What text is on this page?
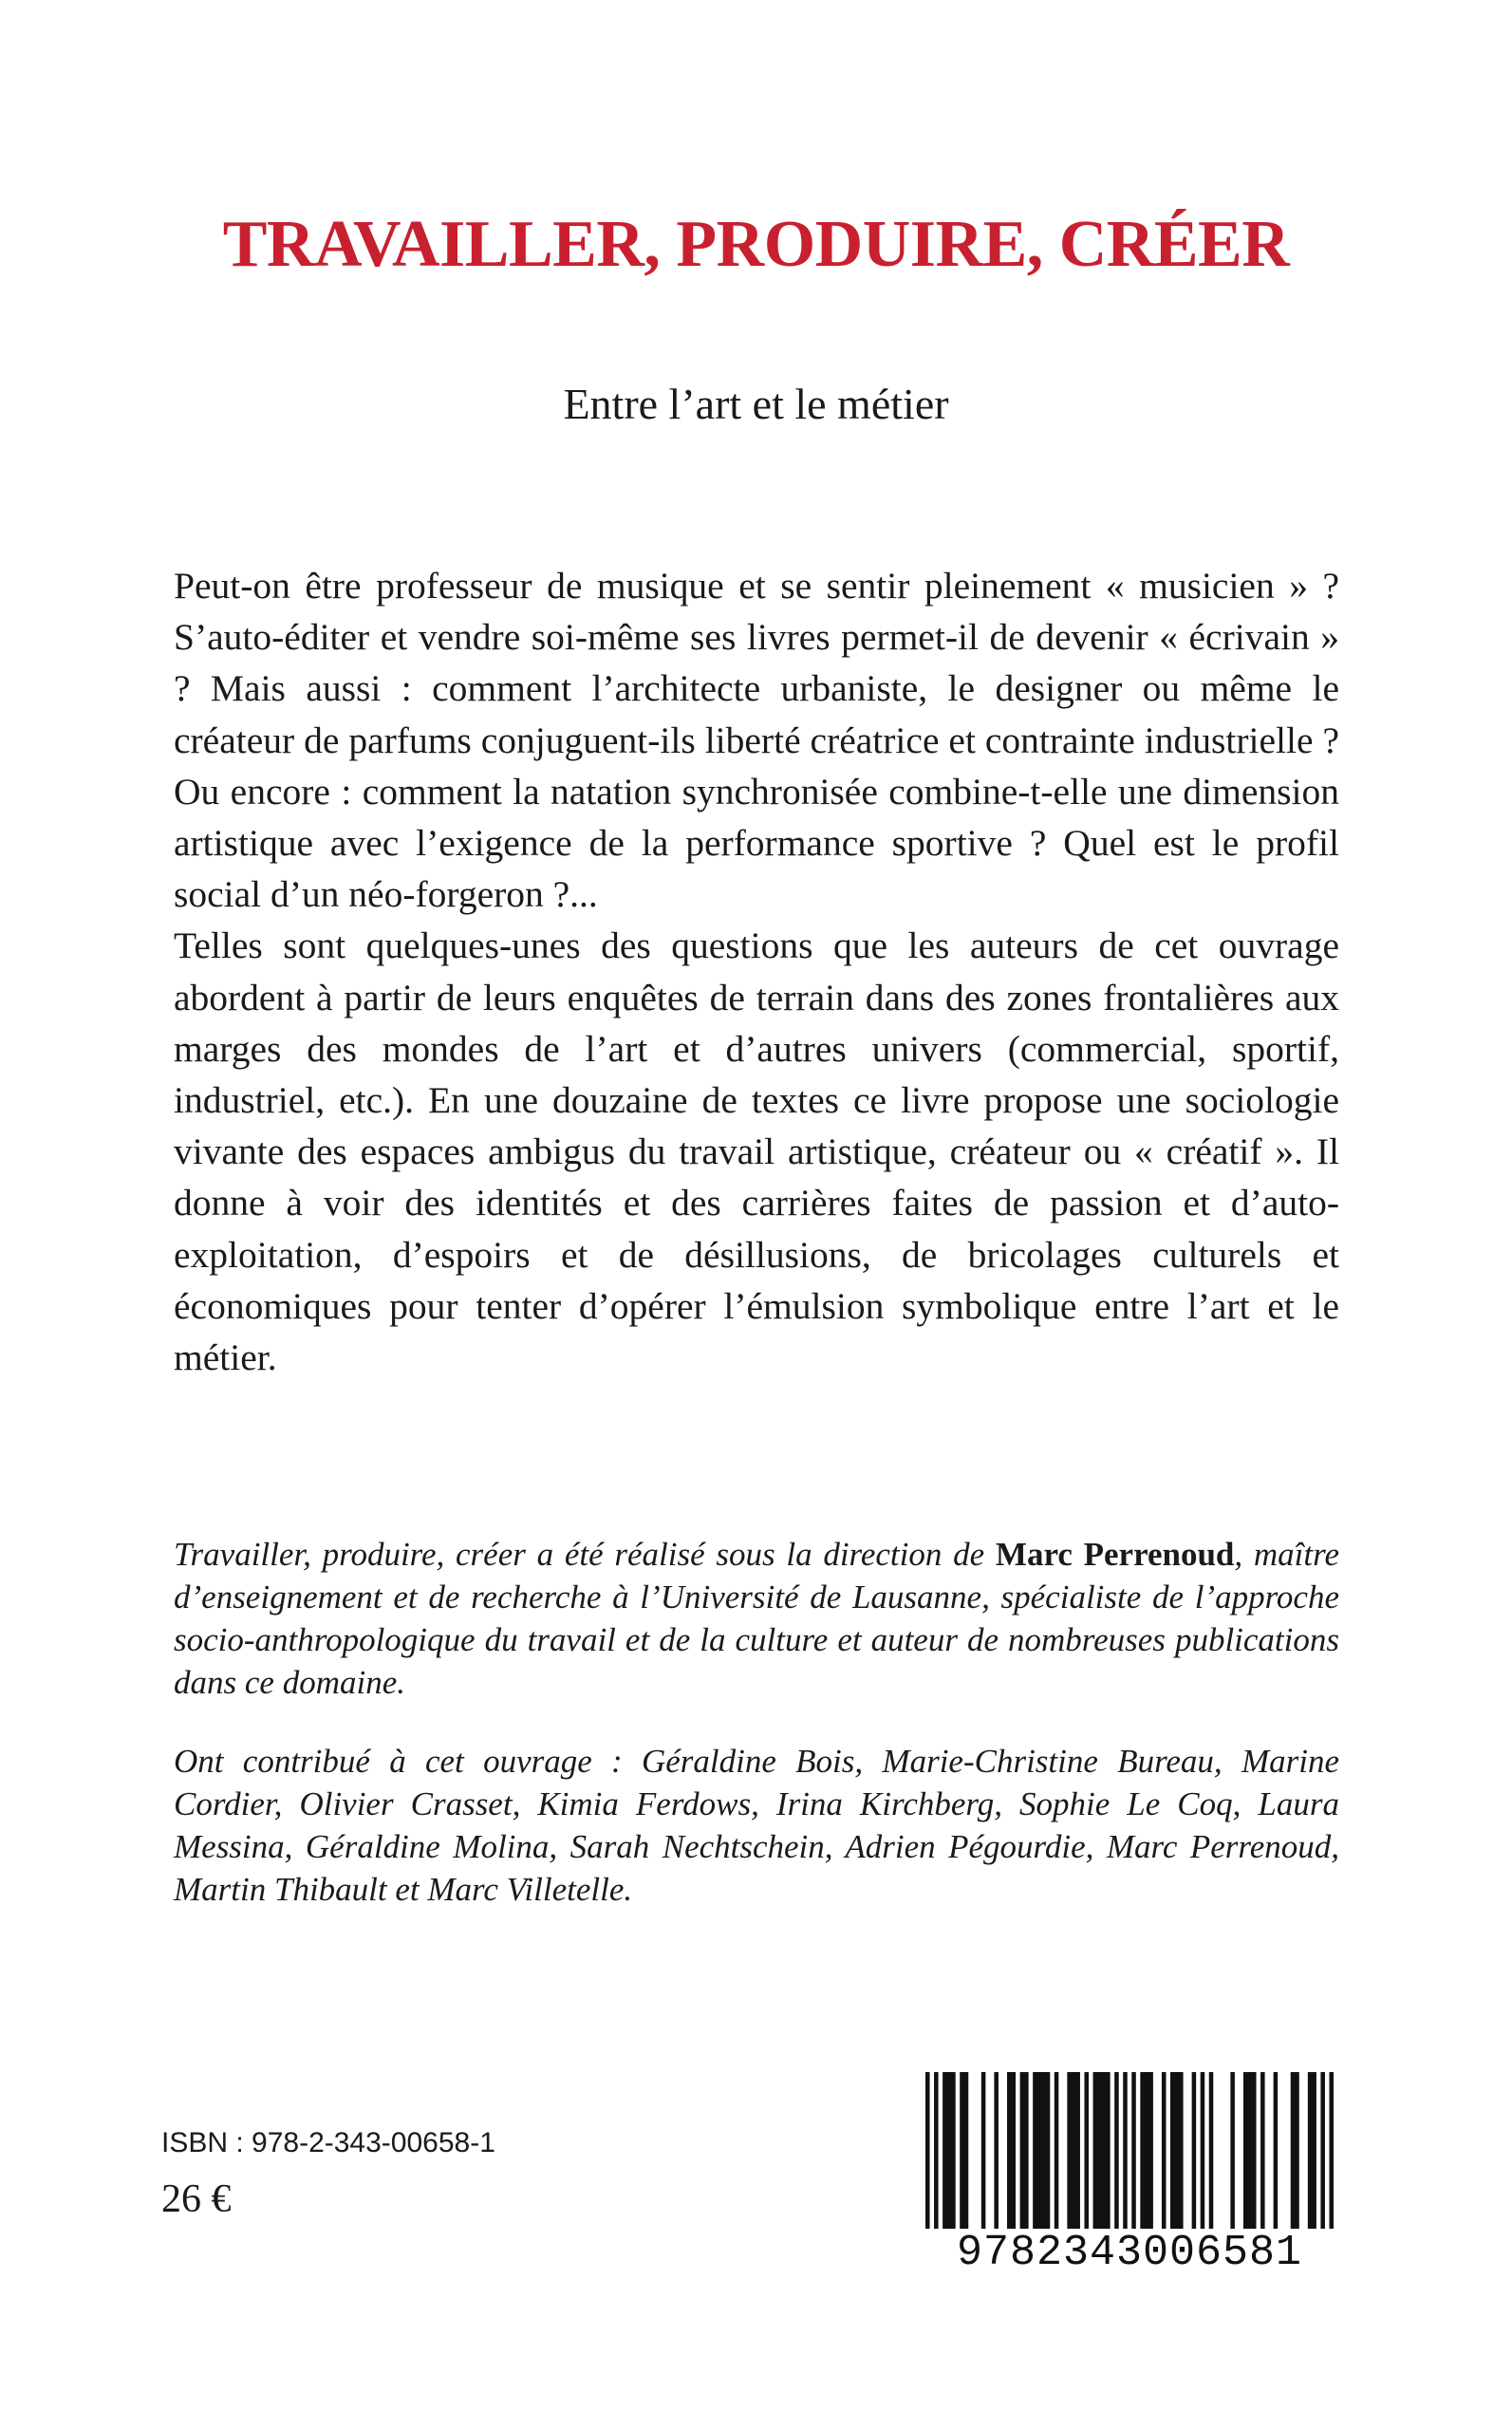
TRAVAILLER, PRODUIRE, CRÉER
Entre l’art et le métier

Peut-on être professeur de musique et se sentir pleinement « musicien » ? S’auto-éditer et vendre soi-même ses livres permet-il de devenir « écrivain » ? Mais aussi : comment l’architecte urbaniste, le designer ou même le créateur de parfums conjuguent-ils liberté créatrice et contrainte industrielle ? Ou encore : comment la natation synchronisée combine-t-elle une dimension artistique avec l’exigence de la performance sportive ? Quel est le profil social d’un néo-forgeron ?...

Telles sont quelques-unes des questions que les auteurs de cet ouvrage abordent à partir de leurs enquêtes de terrain dans des zones frontalières aux marges des mondes de l’art et d’autres univers (commercial, sportif, industriel, etc.). En une douzaine de textes ce livre propose une sociologie vivante des espaces ambigus du travail artistique, créateur ou « créatif ». Il donne à voir des identités et des carrières faites de passion et d’auto-exploitation, d’espoirs et de désillusions, de bricolages culturels et économiques pour tenter d’opérer l’émulsion symbolique entre l’art et le métier.

Travailler, produire, créer a été réalisé sous la direction de Marc Perrenoud, maître d’enseignement et de recherche à l’Université de Lausanne, spécialiste de l’approche socio-anthropologique du travail et de la culture et auteur de nombreuses publications dans ce domaine.

Ont contribué à cet ouvrage : Géraldine Bois, Marie-Christine Bureau, Marine Cordier, Olivier Crasset, Kimia Ferdows, Irina Kirchberg, Sophie Le Coq, Laura Messina, Géraldine Molina, Sarah Nechtschein, Adrien Pégourdie, Marc Perrenoud, Martin Thibault et Marc Villetelle.

ISBN : 978-2-343-00658-1
26 €
9782343006581
